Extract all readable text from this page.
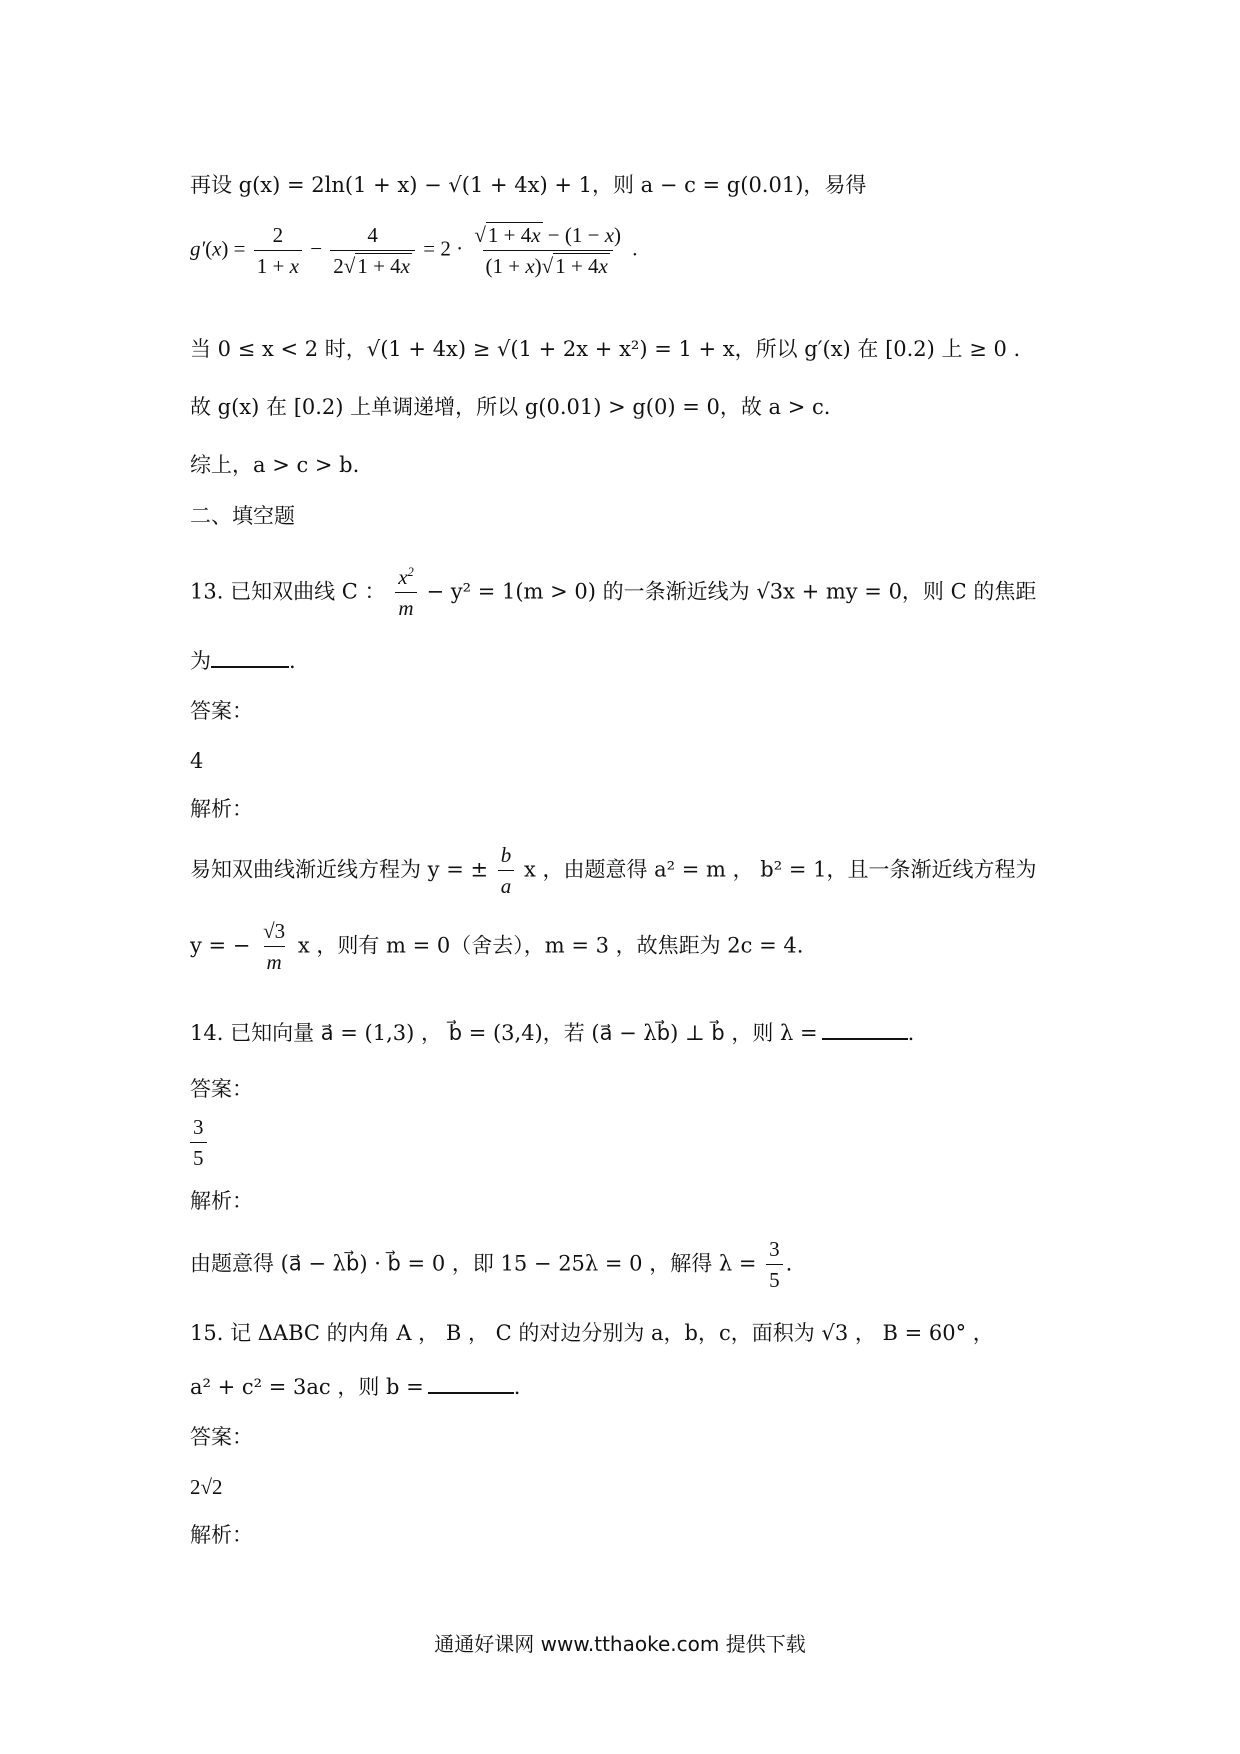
再设 g(x) = 2ln(1 + x) − √(1 + 4x) + 1，则 a − c = g(0.01)，易得
$g'(x) = \frac{2}{1 + x} - \frac{4}{2√1 + 4x} = 2 \cdot \frac{√1 + 4x - (1 - x)}{(1 + x)√1 + 4x}$ .
当 0 ≤ x < 2 时，√(1 + 4x) ≥ √(1 + 2x + x²) = 1 + x，所以 g′(x) 在 [0.2) 上 ≥ 0 .
故 g(x) 在 [0.2) 上单调递增，所以 g(0.01) > g(0) = 0，故 a > c.
综上，a > c > b.
二、填空题
13. 已知双曲线 C ： $\frac{x^2}{m} - y^2 = 1(m > 0)$ 的一条渐近线为 √3x + my = 0，则 C 的焦距
为	.
答案：
4
解析：
易知双曲线渐近线方程为 y = ± $\frac{b}{a}$ x ，由题意得 a² = m ， b² = 1，且一条渐近线方程为
y = − $\frac{√3}{m}$ x ，则有 m = 0（舍去），m = 3 ，故焦距为 2c = 4.
14. 已知向量 a⃗ = (1,3) ， b⃗ = (3,4)，若 (a⃗ − λb⃗) ⊥ b⃗ ，则 λ =	.
答案：
$\frac{3}{5}$
解析：
由题意得 (a⃗ − λb⃗) · b⃗ = 0 ，即 15 − 25λ = 0 ，解得 $\lambda = \frac{3}{5}$ .
15. 记 ΔABC 的内角 A ， B ， C 的对边分别为 a，b，c，面积为 √3 ， B = 60° ，
a² + c² = 3ac ，则 b =	.
答案：
2√2
解析：
通通好课网 www.tthaoke.com 提供下载
